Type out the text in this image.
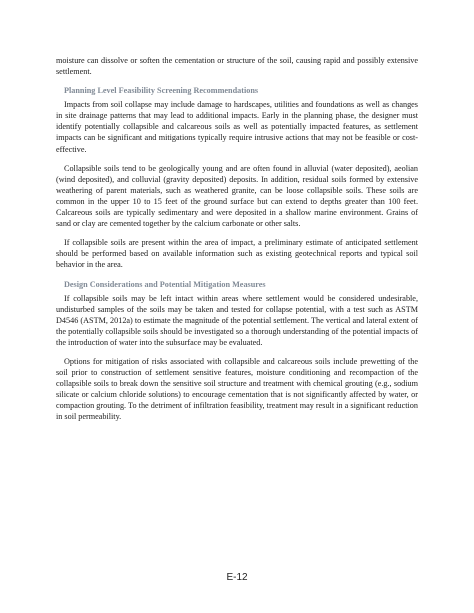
moisture can dissolve or soften the cementation or structure of the soil, causing rapid and possibly extensive settlement.

Planning Level Feasibility Screening Recommendations

Impacts from soil collapse may include damage to hardscapes, utilities and foundations as well as changes in site drainage patterns that may lead to additional impacts. Early in the planning phase, the designer must identify potentially collapsible and calcareous soils as well as potentially impacted features, as settlement impacts can be significant and mitigations typically require intrusive actions that may not be feasible or cost-effective.

Collapsible soils tend to be geologically young and are often found in alluvial (water deposited), aeolian (wind deposited), and colluvial (gravity deposited) deposits. In addition, residual soils formed by extensive weathering of parent materials, such as weathered granite, can be loose collapsible soils. These soils are common in the upper 10 to 15 feet of the ground surface but can extend to depths greater than 100 feet. Calcareous soils are typically sedimentary and were deposited in a shallow marine environment. Grains of sand or clay are cemented together by the calcium carbonate or other salts.

If collapsible soils are present within the area of impact, a preliminary estimate of anticipated settlement should be performed based on available information such as existing geotechnical reports and typical soil behavior in the area.

Design Considerations and Potential Mitigation Measures

If collapsible soils may be left intact within areas where settlement would be considered undesirable, undisturbed samples of the soils may be taken and tested for collapse potential, with a test such as ASTM D4546 (ASTM, 2012a) to estimate the magnitude of the potential settlement. The vertical and lateral extent of the potentially collapsible soils should be investigated so a thorough understanding of the potential impacts of the introduction of water into the subsurface may be evaluated.

Options for mitigation of risks associated with collapsible and calcareous soils include prewetting of the soil prior to construction of settlement sensitive features, moisture conditioning and recompaction of the collapsible soils to break down the sensitive soil structure and treatment with chemical grouting (e.g., sodium silicate or calcium chloride solutions) to encourage cementation that is not significantly affected by water, or compaction grouting. To the detriment of infiltration feasibility, treatment may result in a significant reduction in soil permeability.

E-12
